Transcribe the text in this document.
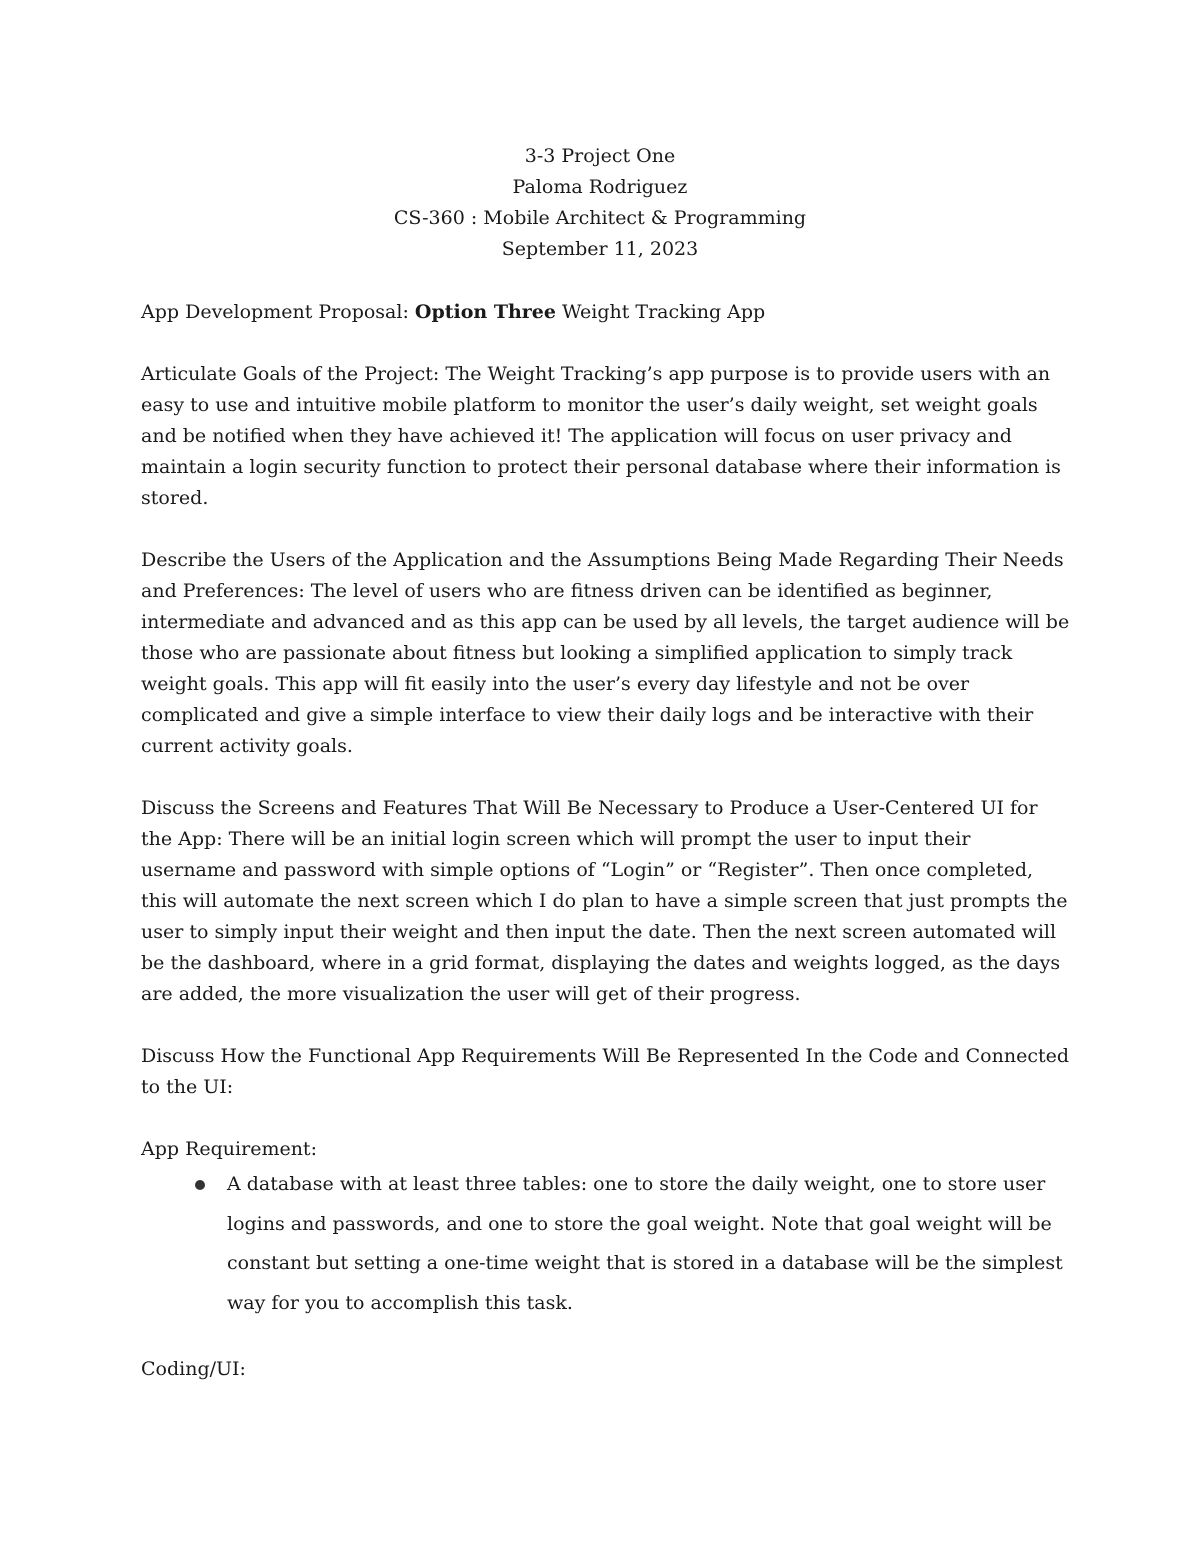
3-3 Project One
Paloma Rodriguez
CS-360 : Mobile Architect & Programming
September 11, 2023

App Development Proposal: Option Three Weight Tracking App

Articulate Goals of the Project: The Weight Tracking’s app purpose is to provide users with an easy to use and intuitive mobile platform to monitor the user’s daily weight, set weight goals and be notified when they have achieved it! The application will focus on user privacy and maintain a login security function to protect their personal database where their information is stored.

Describe the Users of the Application and the Assumptions Being Made Regarding Their Needs and Preferences: The level of users who are fitness driven can be identified as beginner, intermediate and advanced and as this app can be used by all levels, the target audience will be those who are passionate about fitness but looking a simplified application to simply track weight goals. This app will fit easily into the user’s every day lifestyle and not be over complicated and give a simple interface to view their daily logs and be interactive with their current activity goals.

Discuss the Screens and Features That Will Be Necessary to Produce a User-Centered UI for the App: There will be an initial login screen which will prompt the user to input their username and password with simple options of “Login” or “Register”. Then once completed, this will automate the next screen which I do plan to have a simple screen that just prompts the user to simply input their weight and then input the date. Then the next screen automated will be the dashboard, where in a grid format, displaying the dates and weights logged, as the days are added, the more visualization the user will get of their progress.

Discuss How the Functional App Requirements Will Be Represented In the Code and Connected to the UI:

App Requirement:

A database with at least three tables: one to store the daily weight, one to store user logins and passwords, and one to store the goal weight. Note that goal weight will be constant but setting a one-time weight that is stored in a database will be the simplest way for you to accomplish this task.

Coding/UI:
